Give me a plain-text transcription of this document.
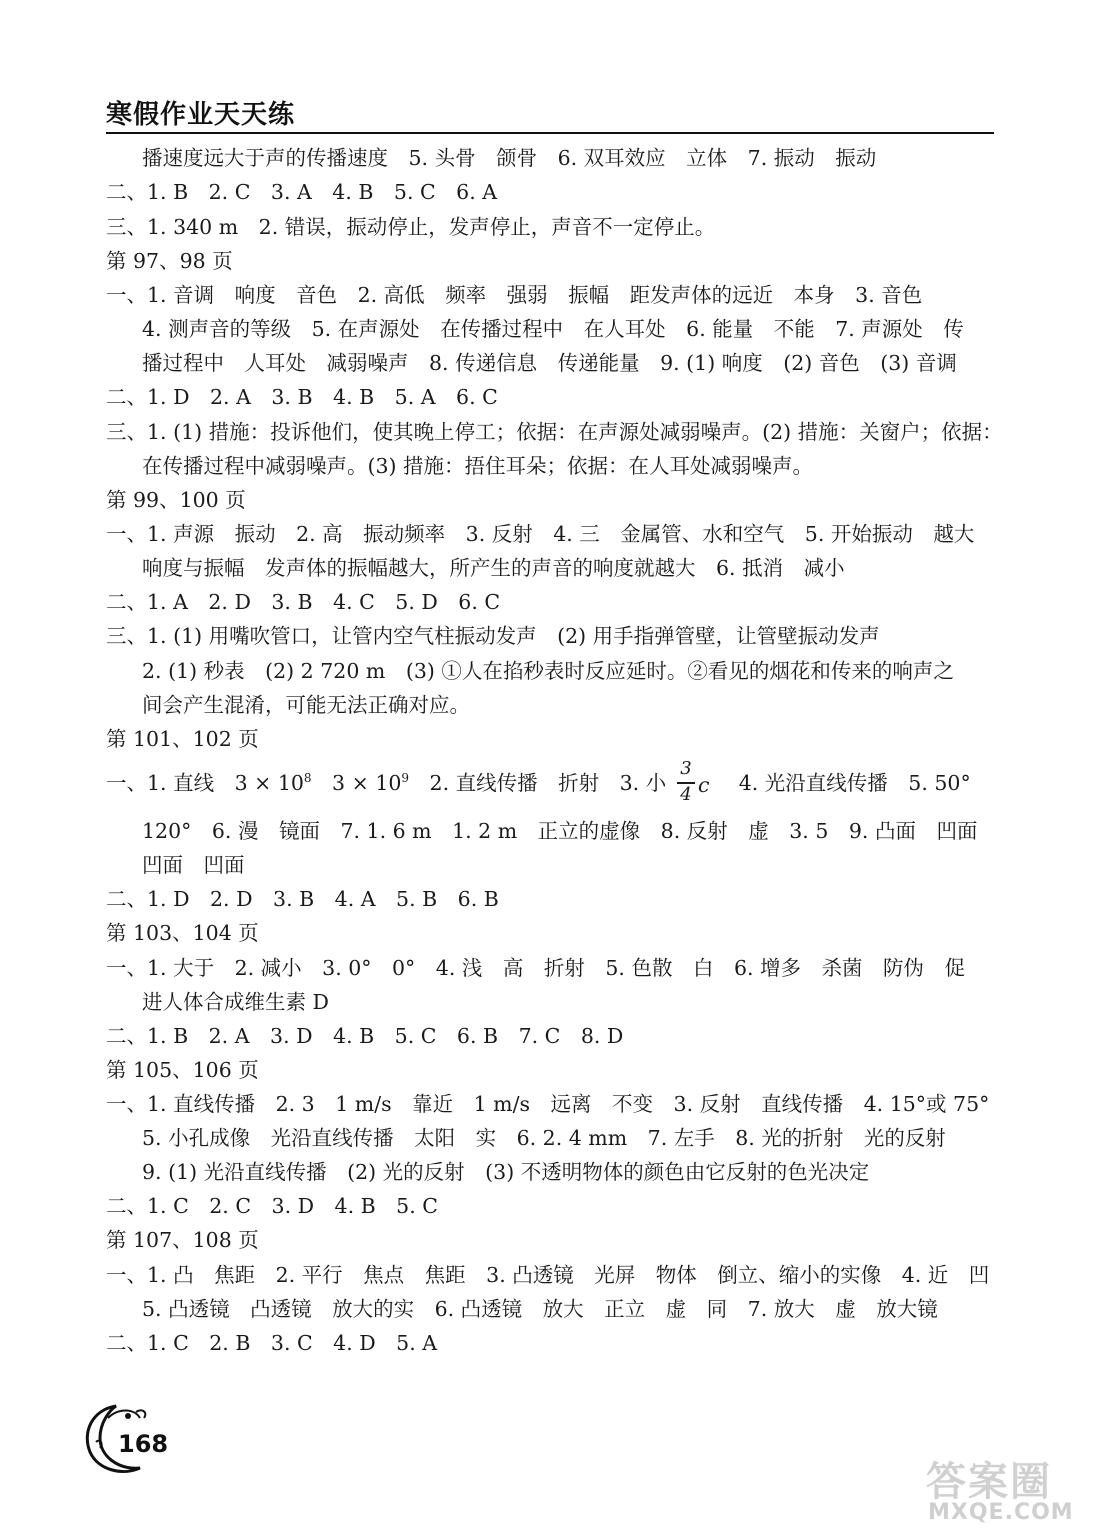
寒假作业天天练
播速度远大于声的传播速度　5. 头骨　颌骨　6. 双耳效应　立体　7. 振动　振动
二、1. B　2. C　3. A　4. B　5. C　6. A
三、1. 340 m　2. 错误，振动停止，发声停止，声音不一定停止。
第 97、98 页
一、1. 音调　响度　音色　2. 高低　频率　强弱　振幅　距发声体的远近　本身　3. 音色
4. 测声音的等级　5. 在声源处　在传播过程中　在人耳处　6. 能量　不能　7. 声源处　传
播过程中　人耳处　减弱噪声　8. 传递信息　传递能量　9. (1) 响度　(2) 音色　(3) 音调
二、1. D　2. A　3. B　4. B　5. A　6. C
三、1. (1) 措施：投诉他们，使其晚上停工；依据：在声源处减弱噪声。(2) 措施：关窗户；依据：
在传播过程中减弱噪声。(3) 措施：捂住耳朵；依据：在人耳处减弱噪声。
第 99、100 页
一、1. 声源　振动　2. 高　振动频率　3. 反射　4. 三　金属管、水和空气　5. 开始振动　越大
响度与振幅　发声体的振幅越大，所产生的声音的响度就越大　6. 抵消　减小
二、1. A　2. D　3. B　4. C　5. D　6. C
三、1. (1) 用嘴吹管口，让管内空气柱振动发声　(2) 用手指弹管壁，让管壁振动发声
2. (1) 秒表　(2) 2 720 m　(3) ①人在掐秒表时反应延时。②看见的烟花和传来的响声之
间会产生混淆，可能无法正确对应。
第 101、102 页
一、1. 直线　$3 \times 10^8$　$3 \times 10^9$　2. 直线传播　折射　3. 小	　4. 光沿直线传播　5. 50°
3
4 c
120°　6. 漫　镜面　7. 1. 6 m　1. 2 m　正立的虚像　8. 反射　虚　3. 5　9. 凸面　凹面
凹面　凹面
二、1. D　2. D　3. B　4. A　5. B　6. B
第 103、104 页
一、1. 大于　2. 减小　3. 0°　0°　4. 浅　高　折射　5. 色散　白　6. 增多　杀菌　防伪　促
进人体合成维生素 D
二、1. B　2. A　3. D　4. B　5. C　6. B　7. C　8. D
第 105、106 页
一、1. 直线传播　2. 3　1 m/s　靠近　1 m/s　远离　不变　3. 反射　直线传播　4. 15°或 75°
5. 小孔成像　光沿直线传播　太阳　实　6. 2. 4 mm　7. 左手　8. 光的折射　光的反射
9. (1) 光沿直线传播　(2) 光的反射　(3) 不透明物体的颜色由它反射的色光决定
二、1. C　2. C　3. D　4. B　5. C
第 107、108 页
一、1. 凸　焦距　2. 平行　焦点　焦距　3. 凸透镜　光屏　物体　倒立、缩小的实像　4. 近　凹
5. 凸透镜　凸透镜　放大的实　6. 凸透镜　放大　正立　虚　同　7. 放大　虚　放大镜
二、1. C　2. B　3. C　4. D　5. A
168
答案圈
MXQE.COM
